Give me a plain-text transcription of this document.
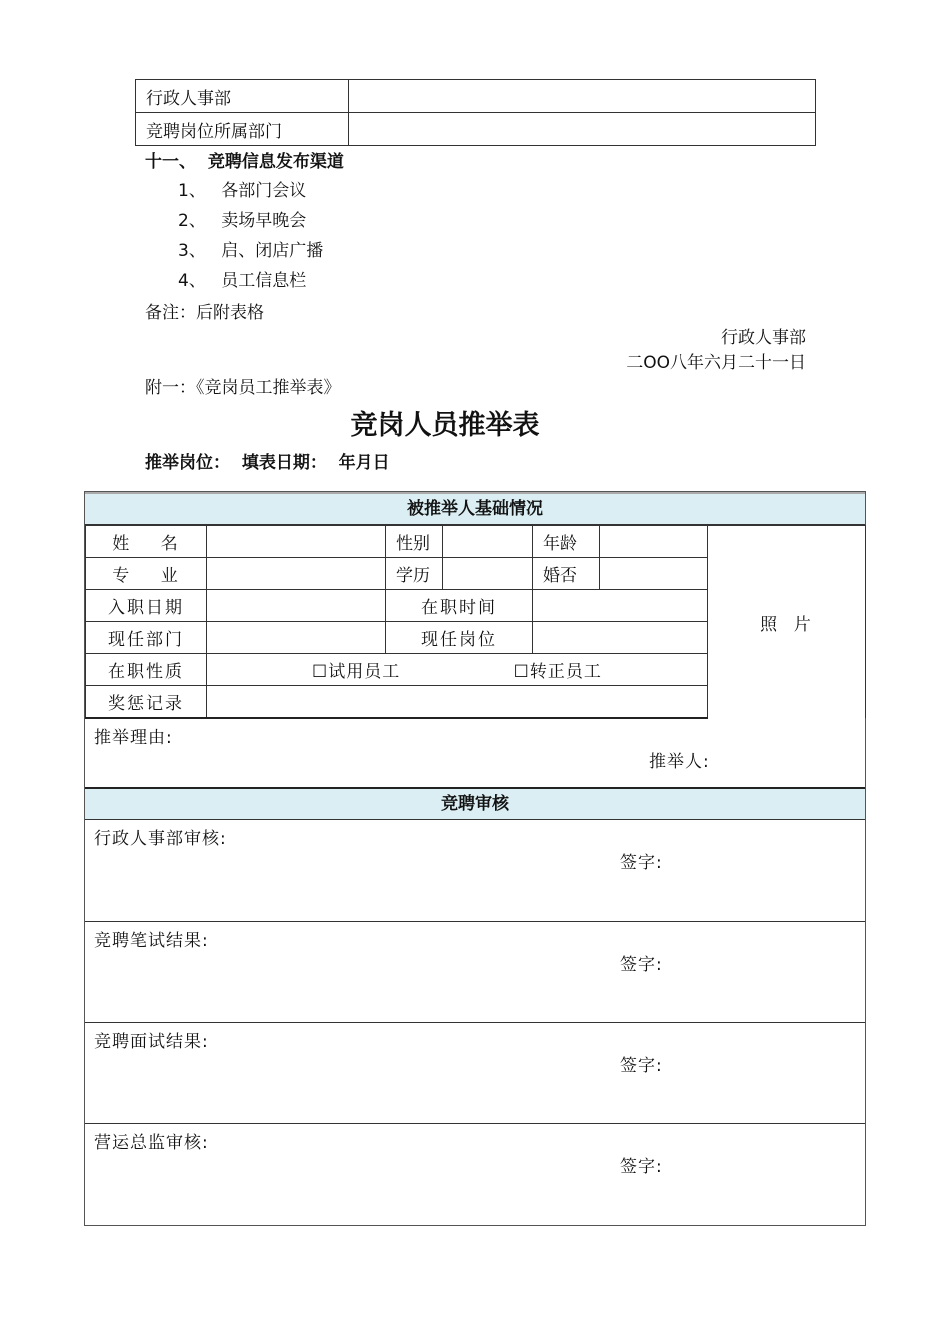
行政人事部	
竞聘岗位所属部门	
十一、  竞聘信息发布渠道
1、 各部门会议
2、 卖场早晚会
3、 启、闭店广播
4、 员工信息栏
备注：后附表格
行政人事部
二OO八年六月二十一日
附一：《竞岗员工推举表》
竞岗人员推举表
推举岗位：  填表日期：  年月日
被推举人基础情况
姓    名		性别		年龄		照  片
专    业		学历		婚否		
入职日期		在职时间				
现任部门		现任岗位				
在职性质	☐试用员工 ☐转正员工					
奖惩记录						
推举理由:
推举人:
竞聘审核
行政人事部审核:
签字:
竞聘笔试结果:
签字:
竞聘面试结果:
签字:
营运总监审核:
签字:
